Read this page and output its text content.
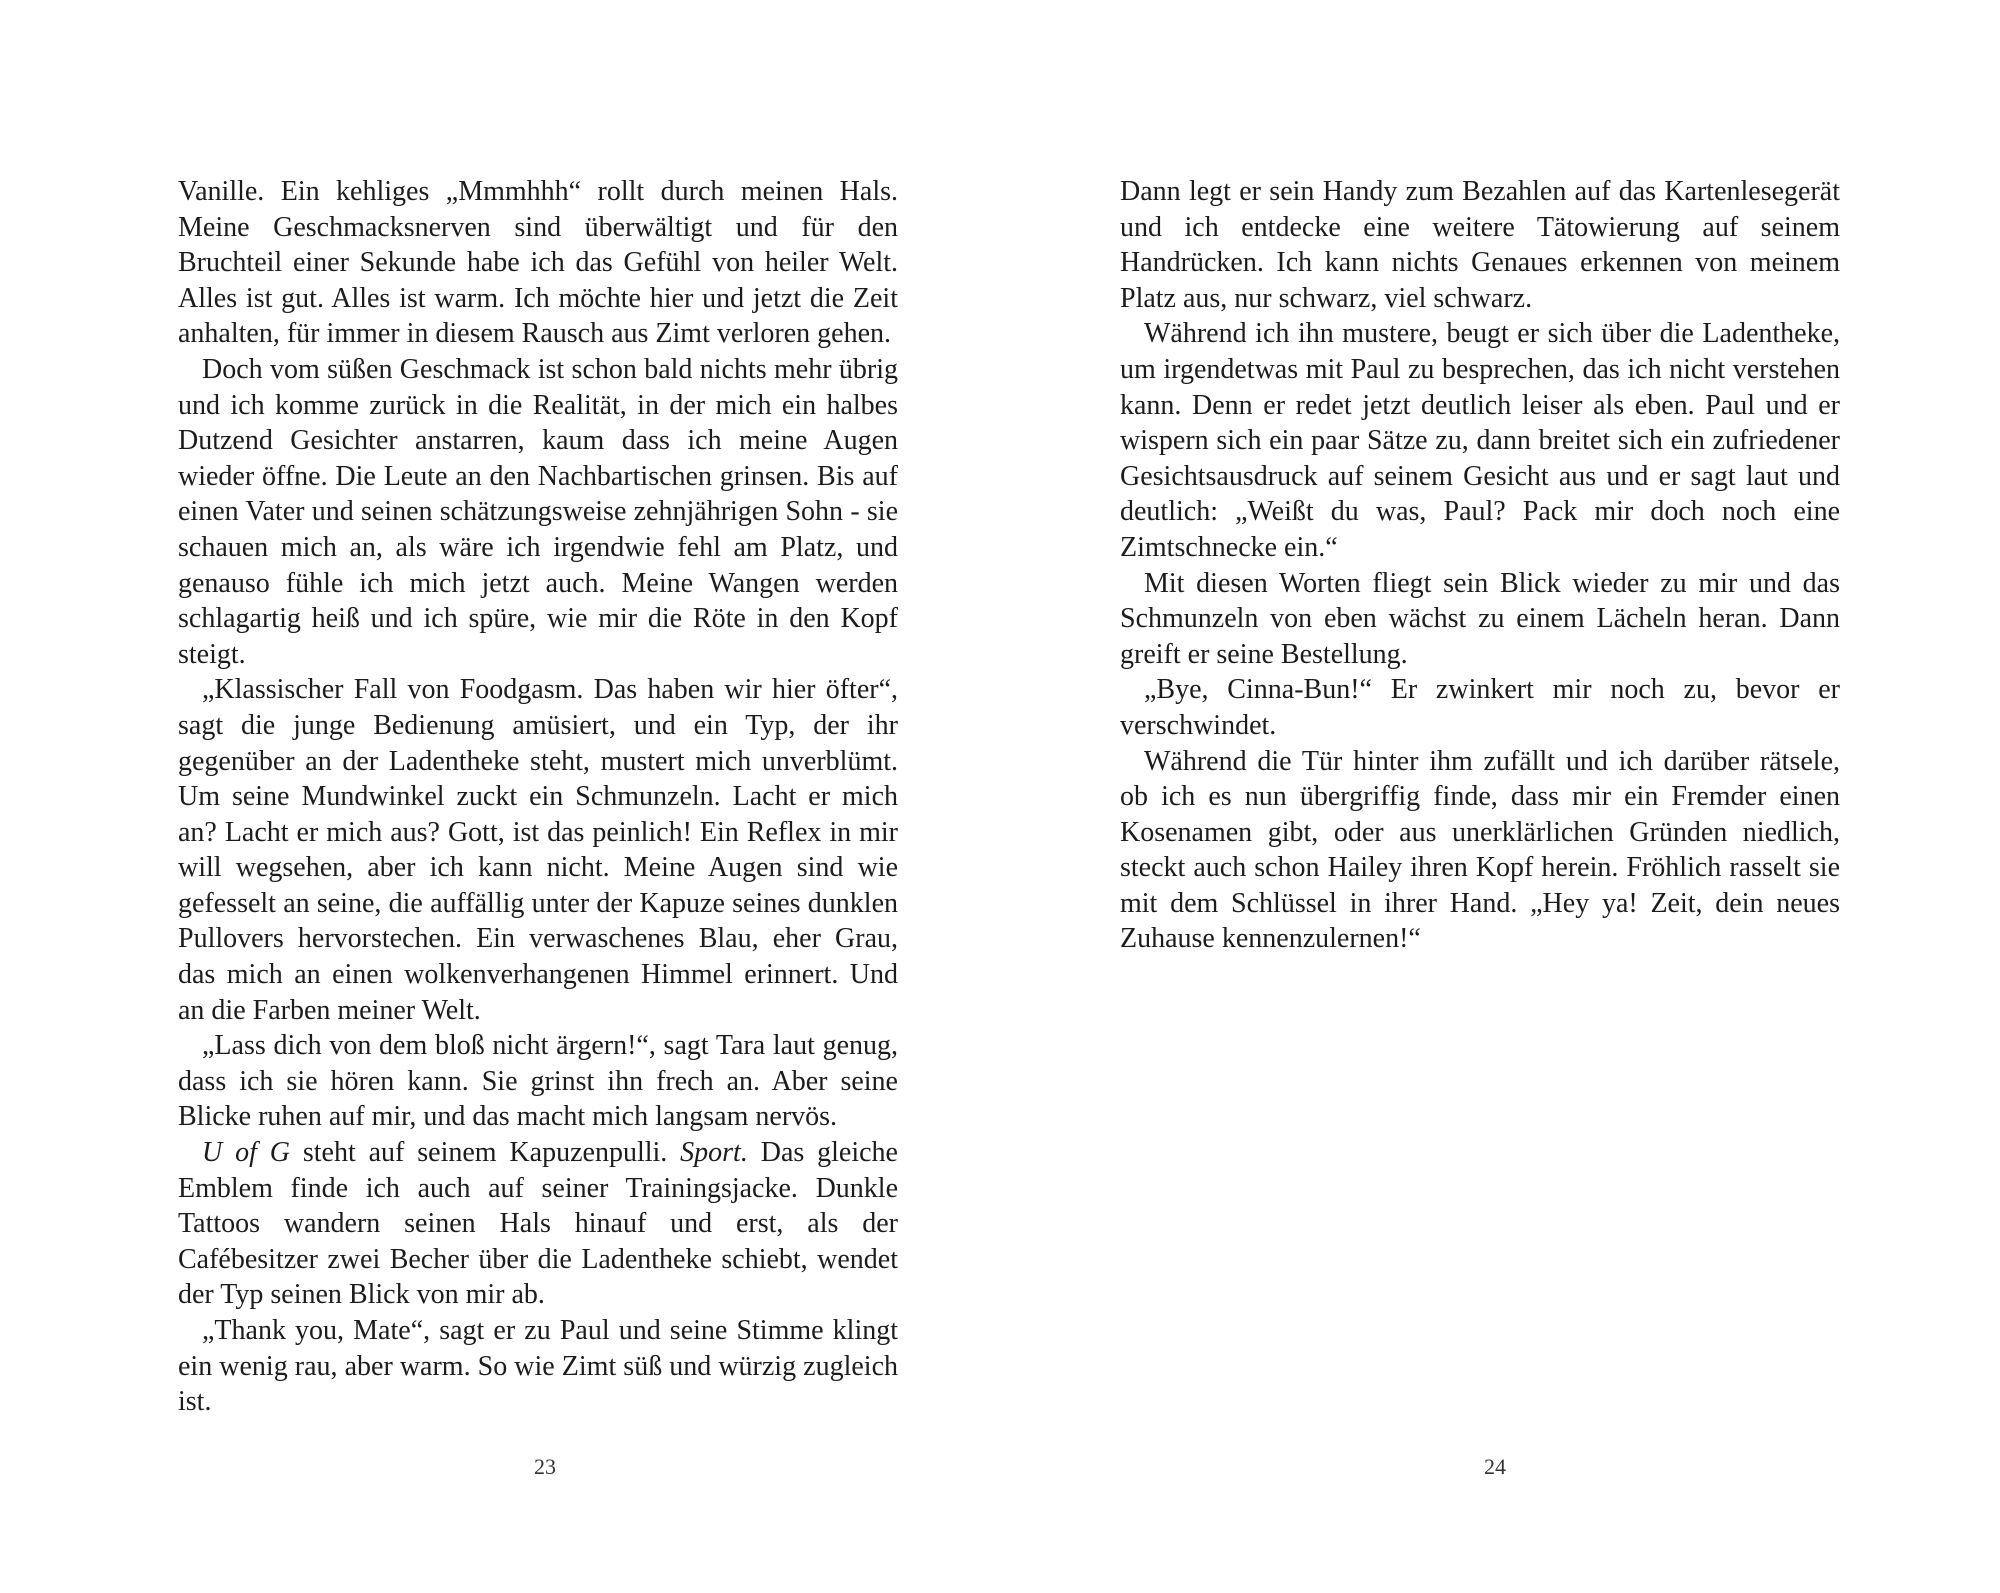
Vanille. Ein kehliges „Mmmhhh“ rollt durch meinen Hals. Meine Geschmacksnerven sind überwältigt und für den Bruchteil einer Sekunde habe ich das Gefühl von heiler Welt. Alles ist gut. Alles ist warm. Ich möchte hier und jetzt die Zeit anhalten, für immer in diesem Rausch aus Zimt verloren gehen.

Doch vom süßen Geschmack ist schon bald nichts mehr übrig und ich komme zurück in die Realität, in der mich ein halbes Dutzend Gesichter anstarren, kaum dass ich meine Augen wieder öffne. Die Leute an den Nachbartischen grinsen. Bis auf einen Vater und seinen schätzungsweise zehnjährigen Sohn - sie schauen mich an, als wäre ich irgendwie fehl am Platz, und genauso fühle ich mich jetzt auch. Meine Wangen werden schlagartig heiß und ich spüre, wie mir die Röte in den Kopf steigt.

„Klassischer Fall von Foodgasm. Das haben wir hier öfter“, sagt die junge Bedienung amüsiert, und ein Typ, der ihr gegenüber an der Ladentheke steht, mustert mich unverblümt. Um seine Mundwinkel zuckt ein Schmunzeln. Lacht er mich an? Lacht er mich aus? Gott, ist das peinlich! Ein Reflex in mir will wegsehen, aber ich kann nicht. Meine Augen sind wie gefesselt an seine, die auffällig unter der Kapuze seines dunklen Pullovers hervorstechen. Ein verwaschenes Blau, eher Grau, das mich an einen wolkenverhangenen Himmel erinnert. Und an die Farben meiner Welt.

„Lass dich von dem bloß nicht ärgern!“, sagt Tara laut genug, dass ich sie hören kann. Sie grinst ihn frech an. Aber seine Blicke ruhen auf mir, und das macht mich langsam nervös.

U of G steht auf seinem Kapuzenpulli. Sport. Das gleiche Emblem finde ich auch auf seiner Trainingsjacke. Dunkle Tattoos wandern seinen Hals hinauf und erst, als der Cafébesitzer zwei Becher über die Ladentheke schiebt, wendet der Typ seinen Blick von mir ab.

„Thank you, Mate“, sagt er zu Paul und seine Stimme klingt ein wenig rau, aber warm. So wie Zimt süß und würzig zugleich ist.

23

Dann legt er sein Handy zum Bezahlen auf das Kartenlesegerät und ich entdecke eine weitere Tätowierung auf seinem Handrücken. Ich kann nichts Genaues erkennen von meinem Platz aus, nur schwarz, viel schwarz.

Während ich ihn mustere, beugt er sich über die Ladentheke, um irgendetwas mit Paul zu besprechen, das ich nicht verstehen kann. Denn er redet jetzt deutlich leiser als eben. Paul und er wispern sich ein paar Sätze zu, dann breitet sich ein zufriedener Gesichtsausdruck auf seinem Gesicht aus und er sagt laut und deutlich: „Weißt du was, Paul? Pack mir doch noch eine Zimtschnecke ein.“

Mit diesen Worten fliegt sein Blick wieder zu mir und das Schmunzeln von eben wächst zu einem Lächeln heran. Dann greift er seine Bestellung.

„Bye, Cinna-Bun!“ Er zwinkert mir noch zu, bevor er verschwindet.

Während die Tür hinter ihm zufällt und ich darüber rätsele, ob ich es nun übergriffig finde, dass mir ein Fremder einen Kosenamen gibt, oder aus unerklärlichen Gründen niedlich, steckt auch schon Hailey ihren Kopf herein. Fröhlich rasselt sie mit dem Schlüssel in ihrer Hand. „Hey ya! Zeit, dein neues Zuhause kennenzulernen!“

24
